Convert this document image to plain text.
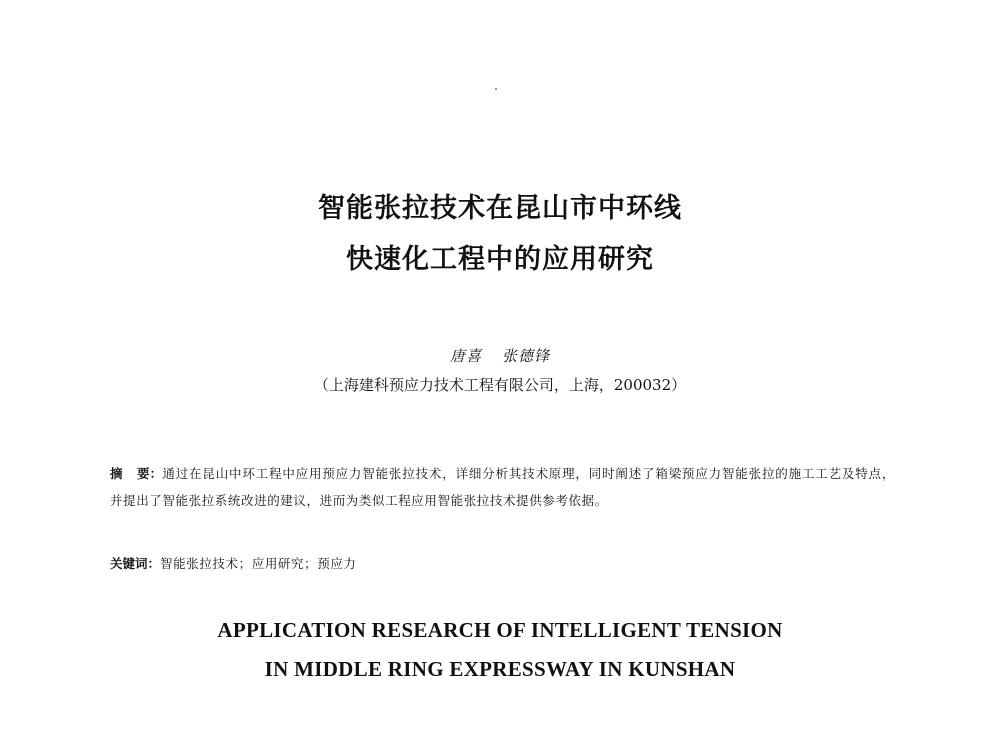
智能张拉技术在昆山市中环线
快速化工程中的应用研究
唐喜 张德锋
（上海建科预应力技术工程有限公司，上海，200032）
摘 要：通过在昆山中环工程中应用预应力智能张拉技术，详细分析其技术原理，同时阐述了箱梁预应力智能张拉的施工工艺及特点，并提出了智能张拉系统改进的建议，进而为类似工程应用智能张拉技术提供参考依据。
关键词：智能张拉技术；应用研究；预应力
APPLICATION RESEARCH OF INTELLIGENT TENSION
IN MIDDLE RING EXPRESSWAY IN KUNSHAN
